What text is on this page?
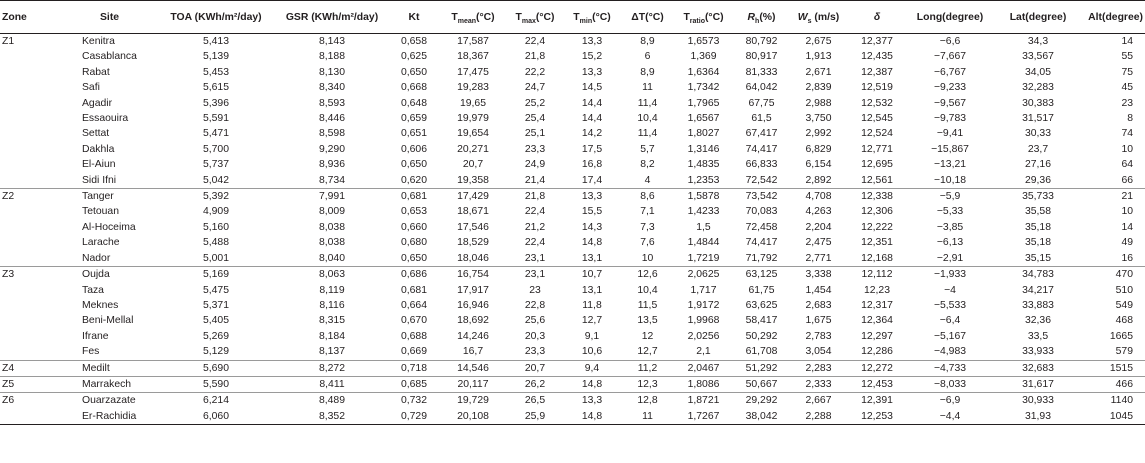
Zone	Site	TOA (KWh/m²/day)	GSR (KWh/m²/day)	Kt	$T_{mean}(^\circ C)$	$T_{max}(^\circ C)$	$T_{min}(^\circ C)$	ΔT(°C)	$T_{ratio}(^\circ C)$	$R_h(\%)$	$W_s$ (m/s)	δ	Long(degree)	Lat(degree)	Alt(degree)
Z1	Kenitra	5,413	8,143	0,658	17,587	22,4	13,3	8,9	1,6573	80,792	2,675	12,377	−6,6	34,3	14
	Casablanca	5,139	8,188	0,625	18,367	21,8	15,2	6	1,369	80,917	1,913	12,435	−7,667	33,567	55
	Rabat	5,453	8,130	0,650	17,475	22,2	13,3	8,9	1,6364	81,333	2,671	12,387	−6,767	34,05	75
	Safi	5,615	8,340	0,668	19,283	24,7	14,5	11	1,7342	64,042	2,839	12,519	−9,233	32,283	45
	Agadir	5,396	8,593	0,648	19,65	25,2	14,4	11,4	1,7965	67,75	2,988	12,532	−9,567	30,383	23
	Essaouira	5,591	8,446	0,659	19,979	25,4	14,4	10,4	1,6567	61,5	3,750	12,545	−9,783	31,517	8
	Settat	5,471	8,598	0,651	19,654	25,1	14,2	11,4	1,8027	67,417	2,992	12,524	−9,41	30,33	74
	Dakhla	5,700	9,290	0,606	20,271	23,3	17,5	5,7	1,3146	74,417	6,829	12,771	−15,867	23,7	10
	El-Aiun	5,737	8,936	0,650	20,7	24,9	16,8	8,2	1,4835	66,833	6,154	12,695	−13,21	27,16	64
	Sidi Ifni	5,042	8,734	0,620	19,358	21,4	17,4	4	1,2353	72,542	2,892	12,561	−10,18	29,36	66
Z2	Tanger	5,392	7,991	0,681	17,429	21,8	13,3	8,6	1,5878	73,542	4,708	12,338	−5,9	35,733	21
	Tetouan	4,909	8,009	0,653	18,671	22,4	15,5	7,1	1,4233	70,083	4,263	12,306	−5,33	35,58	10
	Al-Hoceima	5,160	8,038	0,660	17,546	21,2	14,3	7,3	1,5	72,458	2,204	12,222	−3,85	35,18	14
	Larache	5,488	8,038	0,680	18,529	22,4	14,8	7,6	1,4844	74,417	2,475	12,351	−6,13	35,18	49
	Nador	5,001	8,040	0,650	18,046	23,1	13,1	10	1,7219	71,792	2,771	12,168	−2,91	35,15	16
Z3	Oujda	5,169	8,063	0,686	16,754	23,1	10,7	12,6	2,0625	63,125	3,338	12,112	−1,933	34,783	470
	Taza	5,475	8,119	0,681	17,917	23	13,1	10,4	1,717	61,75	1,454	12,23	−4	34,217	510
	Meknes	5,371	8,116	0,664	16,946	22,8	11,8	11,5	1,9172	63,625	2,683	12,317	−5,533	33,883	549
	Beni-Mellal	5,405	8,315	0,670	18,692	25,6	12,7	13,5	1,9968	58,417	1,675	12,364	−6,4	32,36	468
	Ifrane	5,269	8,184	0,688	14,246	20,3	9,1	12	2,0256	50,292	2,783	12,297	−5,167	33,5	1665
	Fes	5,129	8,137	0,669	16,7	23,3	10,6	12,7	2,1	61,708	3,054	12,286	−4,983	33,933	579
Z4	Medilt	5,690	8,272	0,718	14,546	20,7	9,4	11,2	2,0467	51,292	2,283	12,272	−4,733	32,683	1515
Z5	Marrakech	5,590	8,411	0,685	20,117	26,2	14,8	12,3	1,8086	50,667	2,333	12,453	−8,033	31,617	466
Z6	Ouarzazate	6,214	8,489	0,732	19,729	26,5	13,3	12,8	1,8721	29,292	2,667	12,391	−6,9	30,933	1140
	Er-Rachidia	6,060	8,352	0,729	20,108	25,9	14,8	11	1,7267	38,042	2,288	12,253	−4,4	31,93	1045
